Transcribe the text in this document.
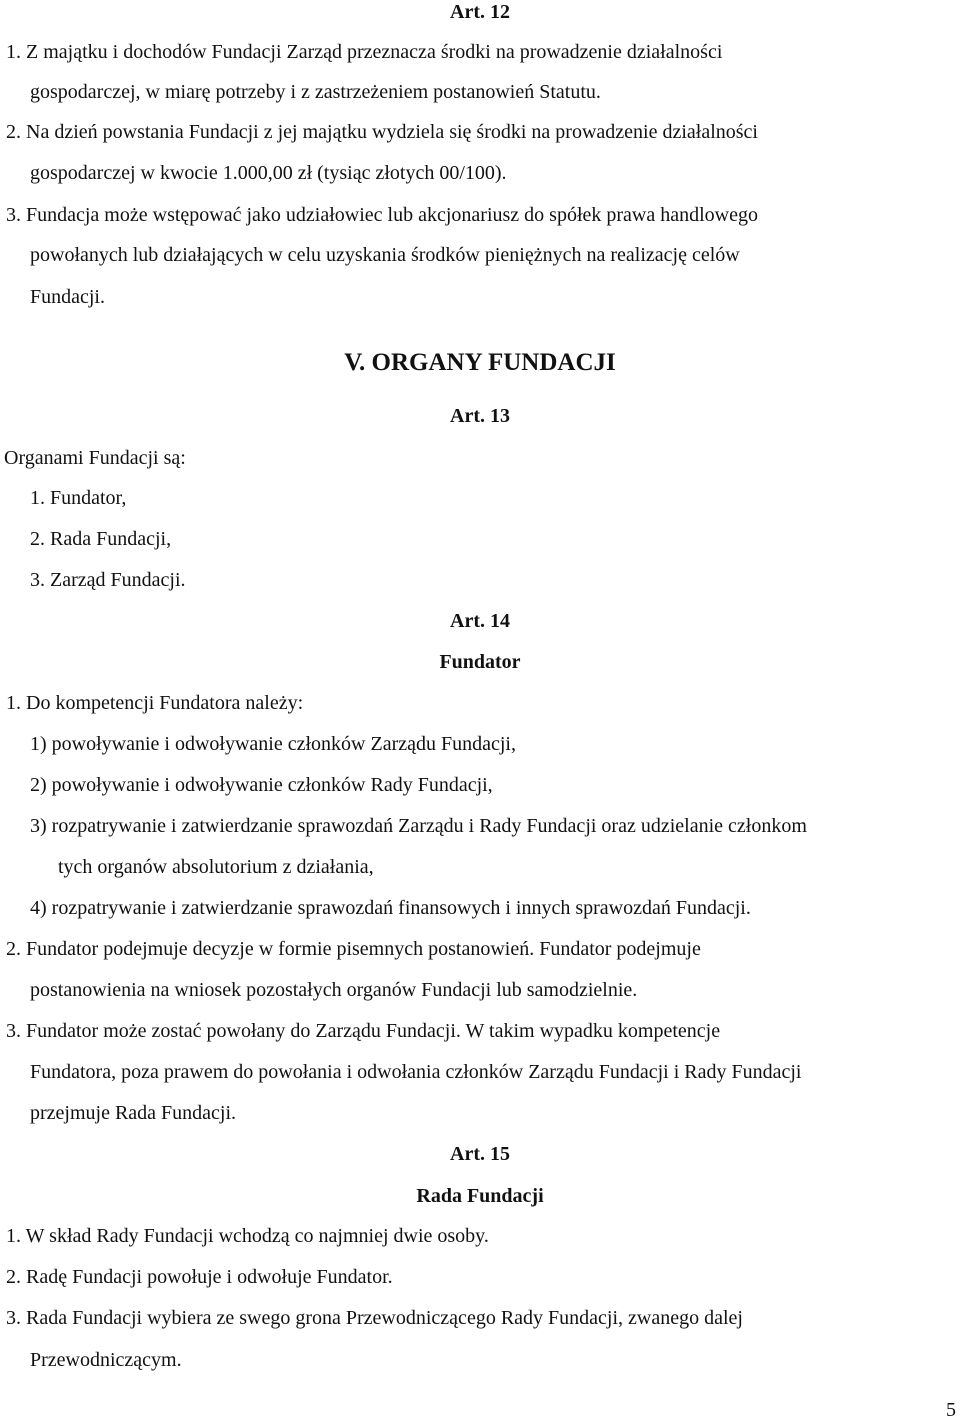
Art. 12
1. Z majątku i dochodów Fundacji Zarząd przeznacza środki na prowadzenie działalności
gospodarczej, w miarę potrzeby i z zastrzeżeniem postanowień Statutu.
2. Na dzień powstania Fundacji z jej majątku wydziela się środki na prowadzenie działalności
gospodarczej w kwocie 1.000,00 zł (tysiąc złotych 00/100).
3. Fundacja może wstępować jako udziałowiec lub akcjonariusz do spółek prawa handlowego
powołanych lub działających w celu uzyskania środków pieniężnych na realizację celów
Fundacji.
V. ORGANY FUNDACJI
Art. 13
Organami Fundacji są:
1. Fundator,
2. Rada Fundacji,
3. Zarząd Fundacji.
Art. 14
Fundator
1. Do kompetencji Fundatora należy:
1) powoływanie i odwoływanie członków Zarządu Fundacji,
2) powoływanie i odwoływanie członków Rady Fundacji,
3) rozpatrywanie i zatwierdzanie sprawozdań Zarządu i Rady Fundacji oraz udzielanie członkom
tych organów absolutorium z działania,
4) rozpatrywanie i zatwierdzanie sprawozdań finansowych i innych sprawozdań Fundacji.
2. Fundator podejmuje decyzje w formie pisemnych postanowień. Fundator podejmuje
postanowienia na wniosek pozostałych organów Fundacji lub samodzielnie.
3. Fundator może zostać powołany do Zarządu Fundacji. W takim wypadku kompetencje
Fundatora, poza prawem do powołania i odwołania członków Zarządu Fundacji i Rady Fundacji
przejmuje Rada Fundacji.
Art. 15
Rada Fundacji
1. W skład Rady Fundacji wchodzą co najmniej dwie osoby.
2. Radę Fundacji powołuje i odwołuje Fundator.
3. Rada Fundacji wybiera ze swego grona Przewodniczącego Rady Fundacji, zwanego dalej
Przewodniczącym.
5
